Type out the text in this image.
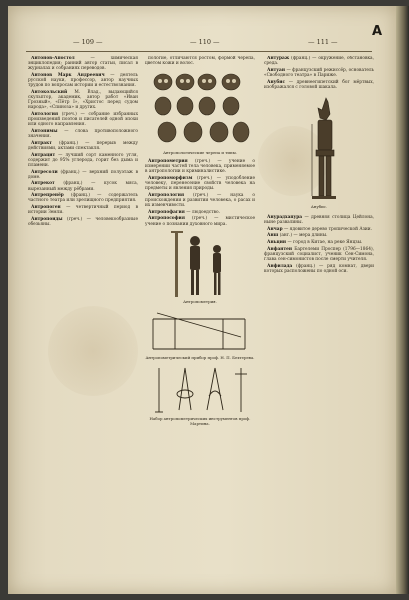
— 109 —	— 110 —	— 111 —
А

Антонов-Апостол	— химическая энциклопедия; ранний автор статьи, писал в журналах и собраниях переводов.

Антонов Марк Андреевич — деятель русской науки, профессор, автор научных трудов по вопросам истории и естествознания.

Антокольский М. Влад., выдающийся скульптор, академик, автор работ «Иван Грозный», «Пётр I», «Христос перед судом народа», «Спиноза» и других.

Антология (греч.) — собрание избранных произведений поэтов и писателей одной эпохи или одного направления.

Антонимы — слова противоположного значения.

Антракт (франц.) — перерыв между действиями, актами спектакля.

Антрацит — лучший сорт каменного угля, содержит до 95% углерода, горит без дыма и пламени.

Антресоли (франц.) — верхний полуэтаж в доме.

Антрекот (франц.) — кусок мяса, вырезанный между рёбрами.

Антрепренёр (франц.) — содержатель частного театра или зрелищного предприятия.

Антропоген — четвертичный период в истории Земли.

Антропоиды (греч.) — человекообразные обезьяны.

пологие, отличаются ростом, формой черепа, цветом кожи и волос.

Антропологические черепа и типы.

Антропометрия (греч.) — учение о измерении частей тела человека, применяемое в антропологии и криминалистике.

Антропоморфизм (греч.) — уподобление человеку, перенесение свойств человека на предметы и явления природы.

Антропология (греч.) — наука о происхождении и развитии человека, о расах и их изменчивости.

Антропофагия — людоедство.

Антропософия (греч.) — мистическое учение о познании духовного мира.

Антропометрия.
Антропометрический прибор проф. Н. П. Бехтерева.
Набор антропометрических инструментов проф. Мартина.

Антураж (франц.) — окружение, обстановка, среда.

Антуан — французский режиссёр, основатель «Свободного театра» в Париже.

Анубис — древнеегипетский бог мёртвых, изображался с головой шакала.

Анубис.

Анурадхапура — древняя столица Цейлона, ныне развалины.

Анчар — ядовитое дерево тропической Азии.

Анш (анг.) — мера длины.

Аньцин — город в Китае, на реке Янцзы.

Анфантен Бартелеми Проспер (1796—1864), французский социалист, ученик Сен-Симона, глава сен-симонистов после смерти учителя.

Анфилада (франц.) — ряд комнат, двери которых расположены по одной оси.
